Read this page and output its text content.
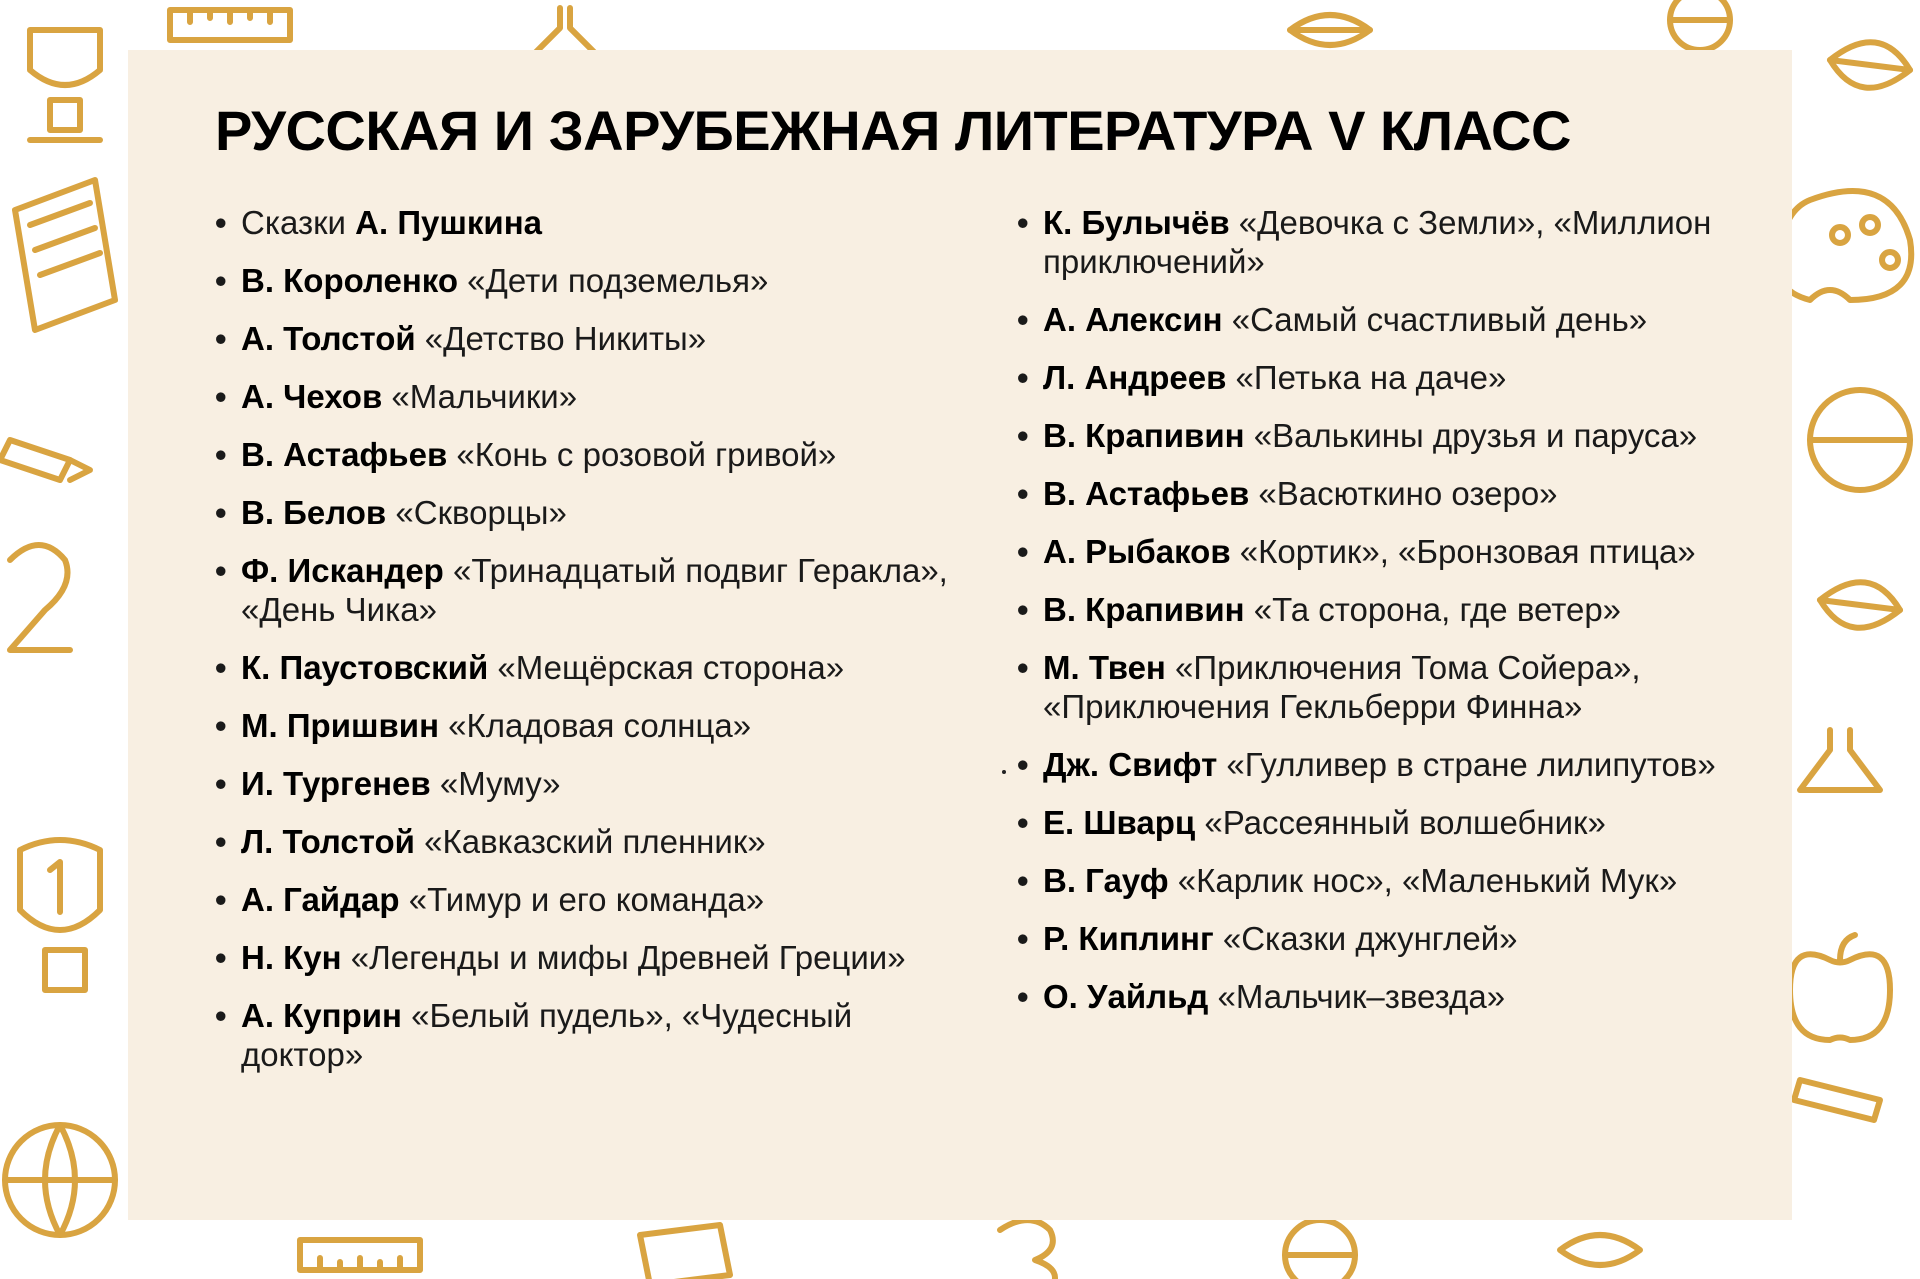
РУССКАЯ И ЗАРУБЕЖНАЯ ЛИТЕРАТУРА V КЛАСС
• Сказки А. Пушкина
• В. Короленко «Дети подземелья»
• А. Толстой «Детство Никиты»
• А. Чехов «Мальчики»
• В. Астафьев «Конь с розовой гривой»
• В. Белов «Скворцы»
• Ф. Искандер «Тринадцатый подвиг Геракла», «День Чика»
• К. Паустовский «Мещёрская сторона»
• М. Пришвин «Кладовая солнца»
• И. Тургенев «Муму»
• Л. Толстой «Кавказский пленник»
• А. Гайдар «Тимур и его команда»
• Н. Кун «Легенды и мифы Древней Греции»
• А. Куприн «Белый пудель», «Чудесный доктор»
• К. Булычёв «Девочка с Земли», «Миллион приключений»
• А. Алексин «Самый счастливый день»
• Л. Андреев «Петька на даче»
• В. Крапивин «Валькины друзья и паруса»
• В. Астафьев «Васюткино озеро»
• А. Рыбаков «Кортик», «Бронзовая птица»
• В. Крапивин «Та сторона, где ветер»
• М. Твен «Приключения Тома Сойера», «Приключения Гекльберри Финна»
• Дж. Свифт «Гулливер в стране лилипутов»
• Е. Шварц «Рассеянный волшебник»
• В. Гауф «Карлик нос», «Маленький Мук»
• Р. Киплинг «Сказки джунглей»
• О. Уайльд «Мальчик–звезда»
